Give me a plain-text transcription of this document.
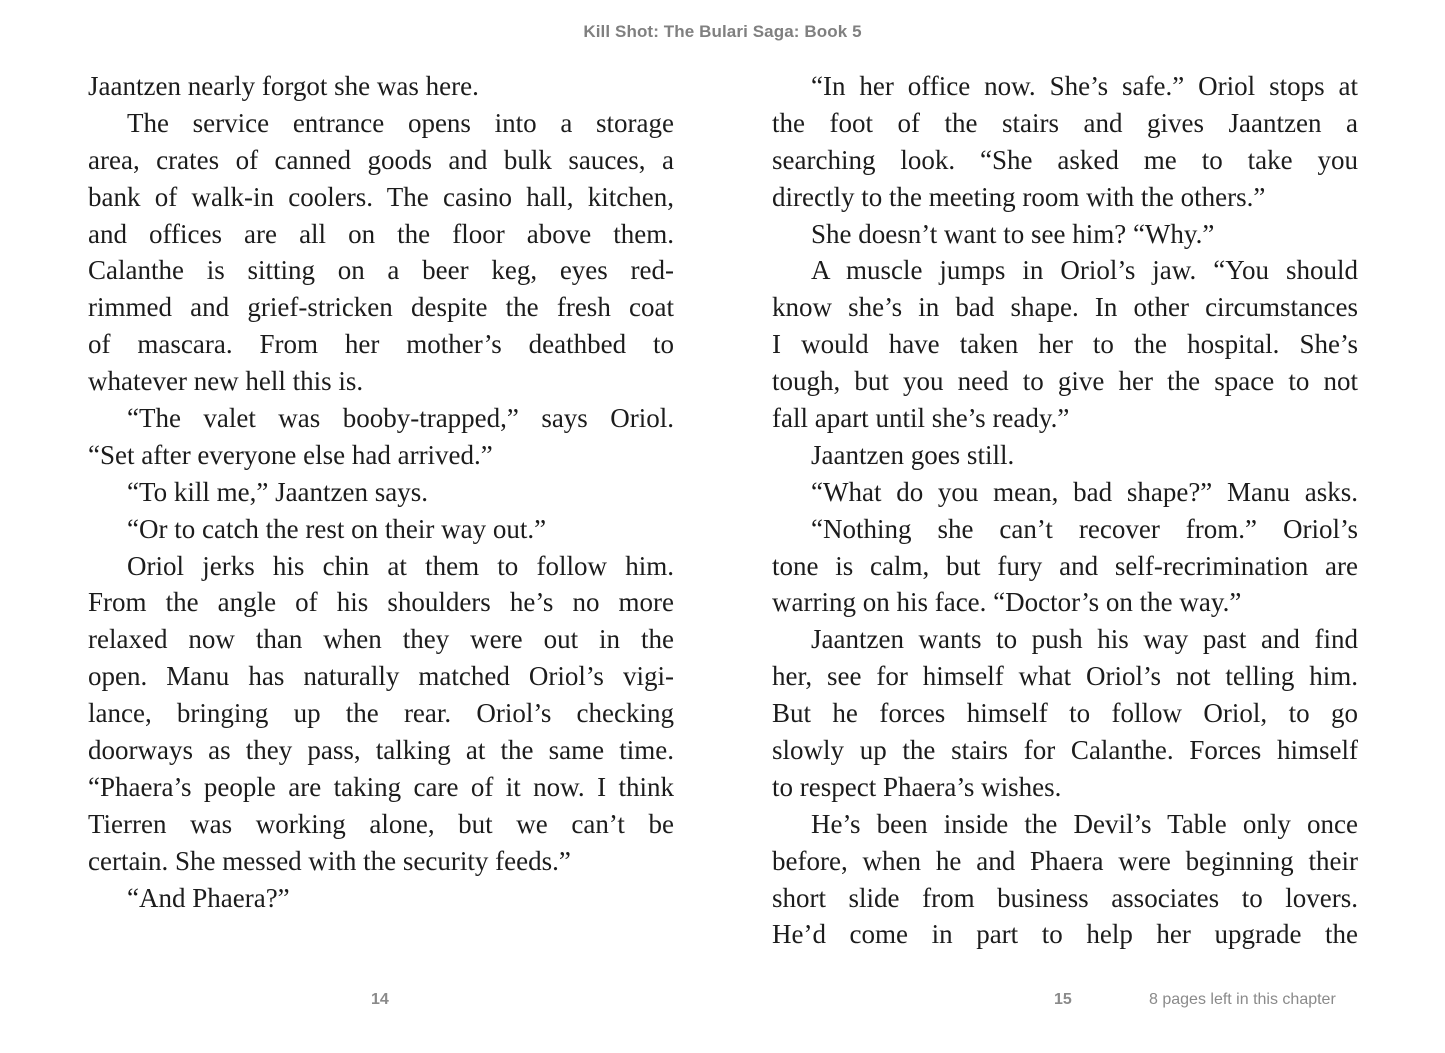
Kill Shot: The Bulari Saga: Book 5
Jaantzen nearly forgot she was here.
The service entrance opens into a storage
area, crates of canned goods and bulk sauces, a
bank of walk-in coolers. The casino hall, kitchen,
and offices are all on the floor above them.
Calanthe is sitting on a beer keg, eyes red-
rimmed and grief-stricken despite the fresh coat
of mascara. From her mother’s deathbed to
whatever new hell this is.
“The valet was booby-trapped,” says Oriol.
“Set after everyone else had arrived.”
“To kill me,” Jaantzen says.
“Or to catch the rest on their way out.”
Oriol jerks his chin at them to follow him.
From the angle of his shoulders he’s no more
relaxed now than when they were out in the
open. Manu has naturally matched Oriol’s vigi-
lance, bringing up the rear. Oriol’s checking
doorways as they pass, talking at the same time.
“Phaera’s people are taking care of it now. I think
Tierren was working alone, but we can’t be
certain. She messed with the security feeds.”
“And Phaera?”
“In her office now. She’s safe.” Oriol stops at
the foot of the stairs and gives Jaantzen a
searching look. “She asked me to take you
directly to the meeting room with the others.”
She doesn’t want to see him? “Why.”
A muscle jumps in Oriol’s jaw. “You should
know she’s in bad shape. In other circumstances
I would have taken her to the hospital. She’s
tough, but you need to give her the space to not
fall apart until she’s ready.”
Jaantzen goes still.
“What do you mean, bad shape?” Manu asks.
“Nothing she can’t recover from.” Oriol’s
tone is calm, but fury and self-recrimination are
warring on his face. “Doctor’s on the way.”
Jaantzen wants to push his way past and find
her, see for himself what Oriol’s not telling him.
But he forces himself to follow Oriol, to go
slowly up the stairs for Calanthe. Forces himself
to respect Phaera’s wishes.
He’s been inside the Devil’s Table only once
before, when he and Phaera were beginning their
short slide from business associates to lovers.
He’d come in part to help her upgrade the
14	15	8 pages left in this chapter
